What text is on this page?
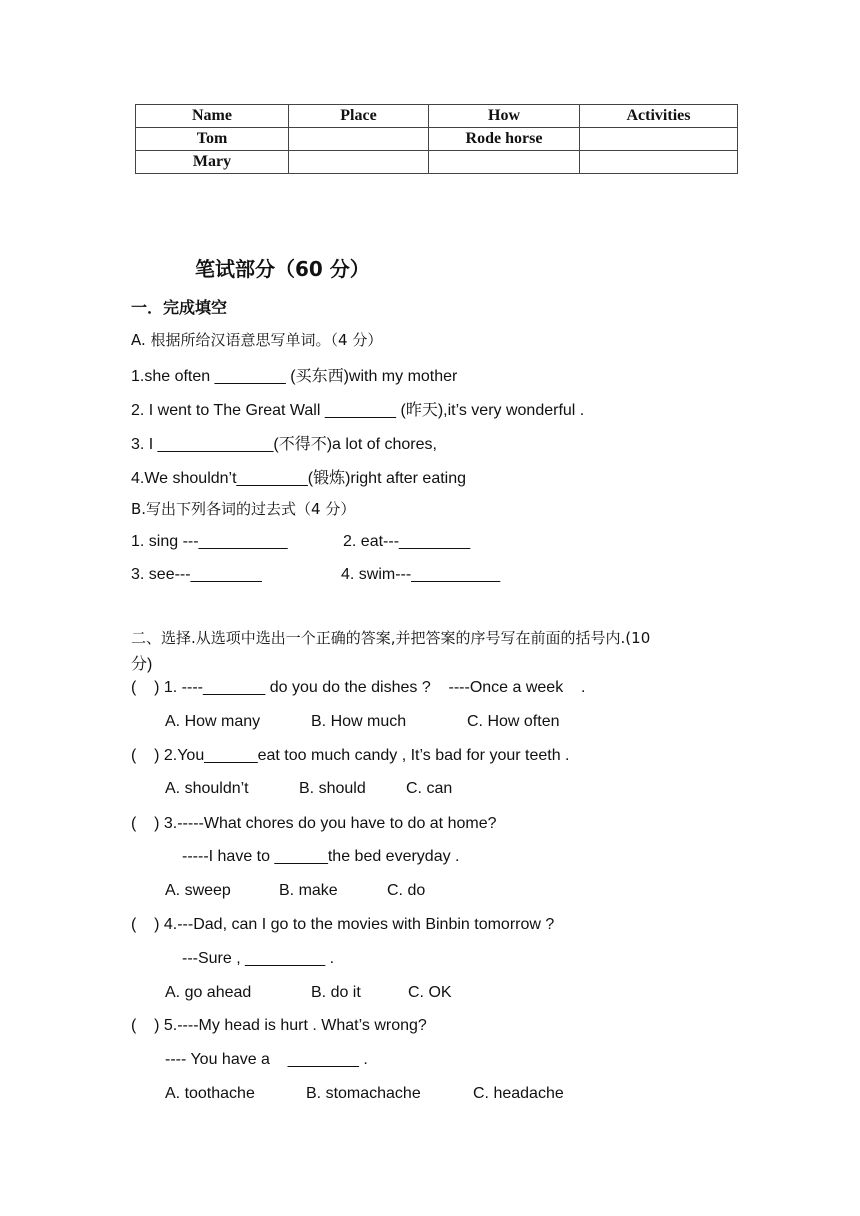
Name	Place	How	Activities
Tom		Rode horse	
Mary			
笔试部分（60 分）
一．完成填空
A. 根据所给汉语意思写单词。（4 分）
1.she often ________ (买东西)with my mother
2. I went to The Great Wall ________ (昨天),it’s very wonderful .
3. I _____________(不得不)a lot of chores,
4.We shouldn’t________(锻炼)right after eating
B.写出下列各词的过去式（4 分）
1. sing ---__________	2. eat---________
3. see---________	4. swim---__________
二、选择.从选项中选出一个正确的答案,并把答案的序号写在前面的括号内.(10
分)
(    ) 1. ----_______ do you do the dishes ?    ----Once a week    .
A. How many	B. How much	C. How often
(    ) 2.You______eat too much candy , It’s bad for your teeth .
A. shouldn’t	B. should	C. can
(    ) 3.-----What chores do you have to do at home?
-----I have to ______the bed everyday .
A. sweep	B. make	C. do
(    ) 4.---Dad, can I go to the movies with Binbin tomorrow ?
---Sure , _________ .
A. go ahead	B. do it	C. OK
(    ) 5.----My head is hurt . What’s wrong?
---- You have a    ________ .
A. toothache	B. stomachache	C. headache
